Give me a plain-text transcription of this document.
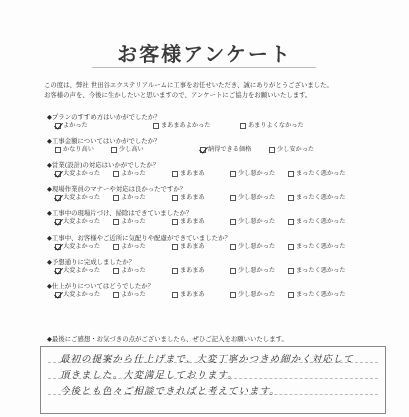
お客様アンケート
この度は、弊社 世田谷エクステリアルームに工事をお任せいただき、誠にありがとうございました。
お客様の声を、今後に生かしたいと思いますので、アンケートにご協力をお願いいたします。
◆プランのすすめ方はいかがでしたか？
よかった	まあまあよかった	あまりよくなかった
◆工事金額についてはいかがでしたか？
かなり高い	少し高い	納得できる価格	少し安かった
◆営業(設計)の対応はいかがでしたか？
大変よかった	よかった	まあまあ	少し悪かった	まったく悪かった
◆現場作業員のマナーや対応は良かったですか？
大変よかった	よかった	まあまあ	少し悪かった	まったく悪かった
◆工事中の現場片づけ、掃除はできていましたか？
大変よかった	よかった	まあまあ	少し悪かった	まったく悪かった
◆工事中、お客様やご近所に気配りや配慮ができていましたか？
大変よかった	よかった	まあまあ	少し悪かった	まったく悪かった
◆予想通りに完成しましたか？
大変よかった	よかった	まあまあ	少し悪かった	まったく悪かった
◆仕上がりについてはどうでしたか？
大変よかった	よかった	まあまあ	少し悪かった	まったく悪かった
◆最後にご感想・お気づきの点がございましたら、ぜひご記入をお願いいたします。
最初の提案から仕上げまで、大変丁寧かつきめ細かく対応して
頂きました。大変満足しております。
今後とも色々ご相談できればと考えています。
